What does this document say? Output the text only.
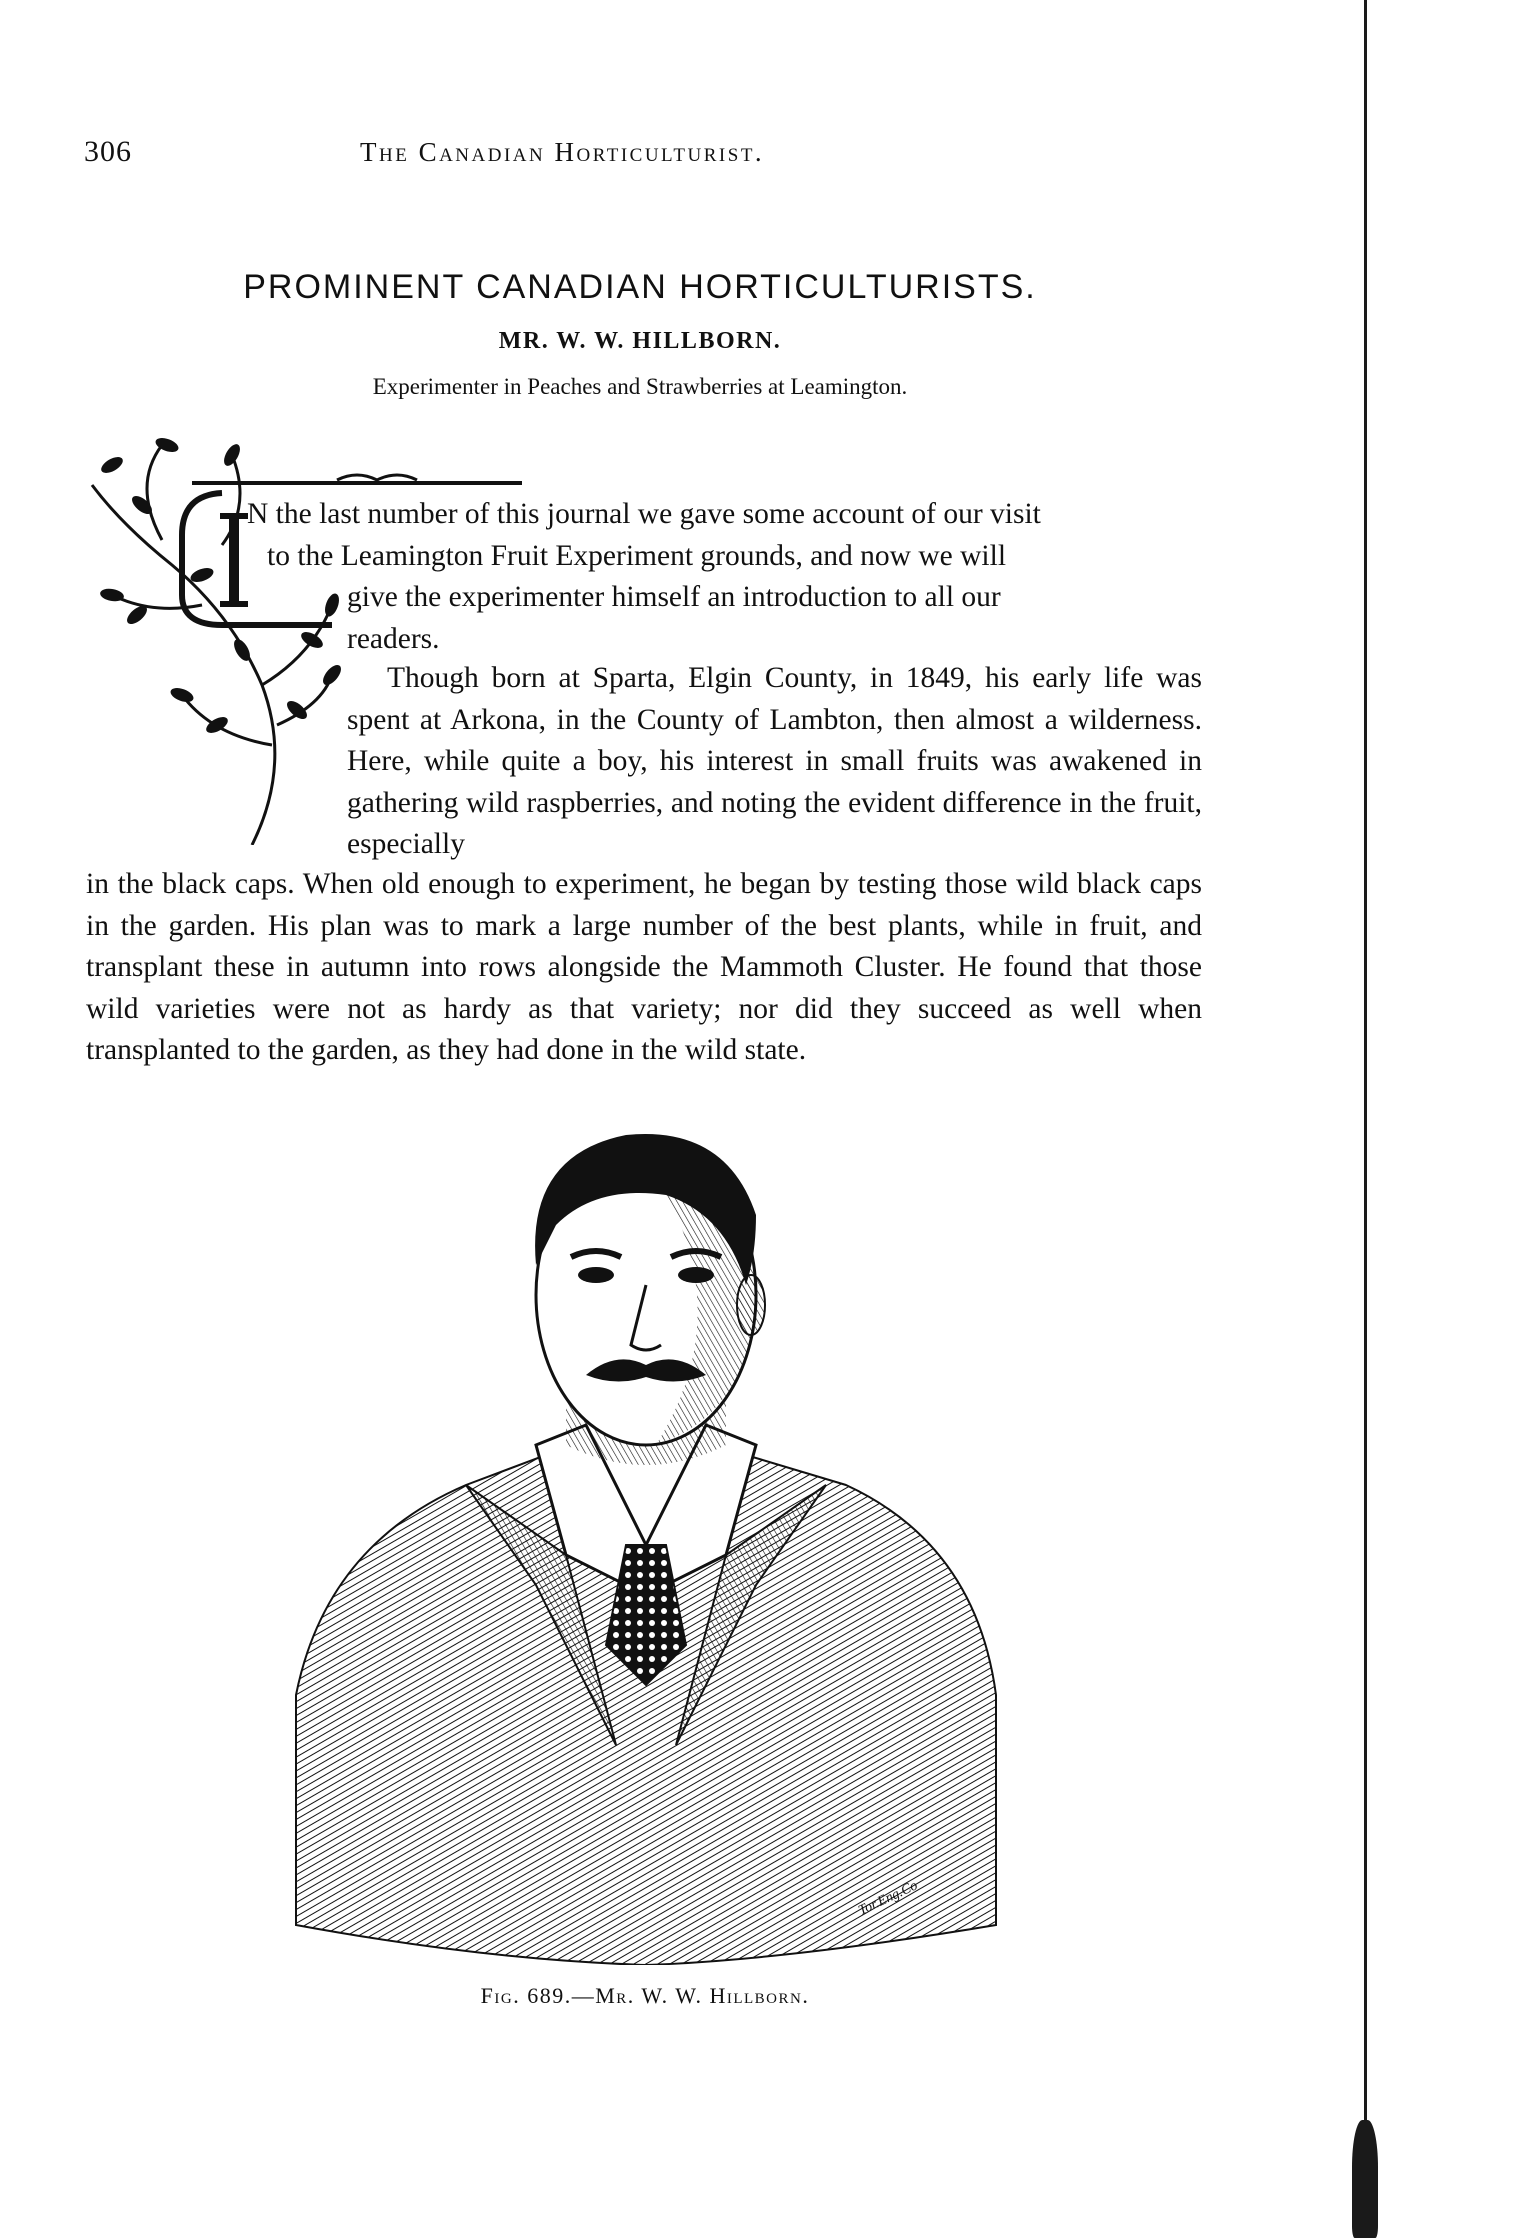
306	The Canadian Horticulturist.
PROMINENT CANADIAN HORTICULTURISTS.
MR. W. W. HILLBORN.
Experimenter in Peaches and Strawberries at Leamington.

N the last number of this journal we gave some account of our visit
to the Leamington Fruit Experiment grounds, and now we will
give the experimenter himself an introduction to all our
readers.

Though born at Sparta, Elgin County, in 1849, his early life was spent at Arkona, in the County of Lambton, then almost a wilderness. Here, while quite a boy, his interest in small fruits was awakened in gathering wild raspberries, and noting the evident difference in the fruit, especially

in the black caps. When old enough to experiment, he began by testing those wild black caps in the garden. His plan was to mark a large number of the best plants, while in fruit, and transplant these in autumn into rows alongside the Mammoth Cluster. He found that those wild varieties were not as hardy as that variety; nor did they succeed as well when transplanted to the garden, as they had done in the wild state.

Tor.Eng.Co
Fig. 689.—Mr. W. W. Hillborn.
